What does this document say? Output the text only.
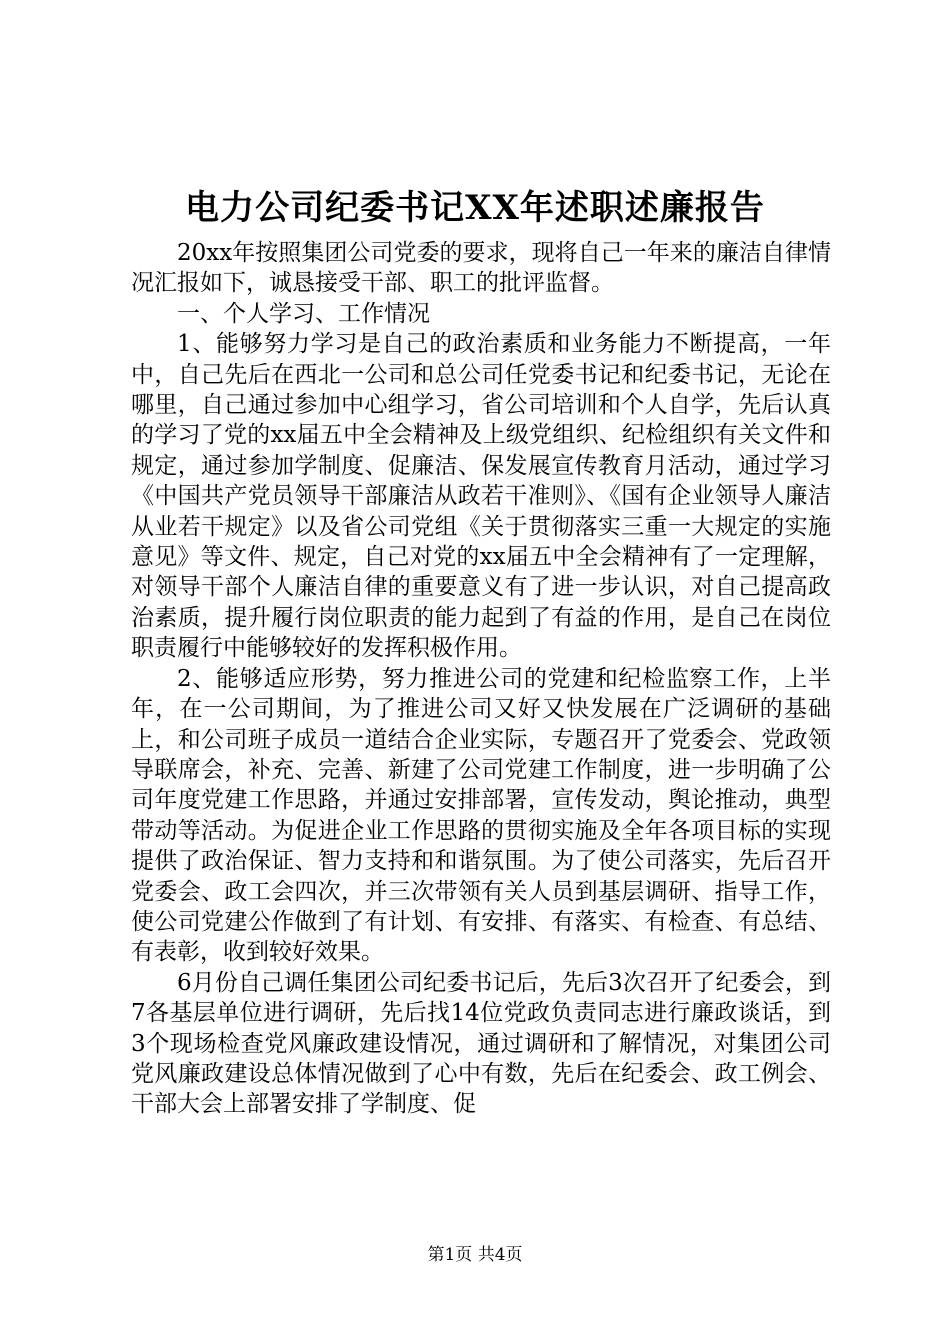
电力公司纪委书记XX年述职述廉报告

20xx年按照集团公司党委的要求，现将自己一年来的廉洁自律情况汇报如下，诚恳接受干部、职工的批评监督。

一、个人学习、工作情况

1、能够努力学习是自己的政治素质和业务能力不断提高，一年中，自己先后在西北一公司和总公司任党委书记和纪委书记，无论在哪里，自己通过参加中心组学习，省公司培训和个人自学，先后认真的学习了党的xx届五中全会精神及上级党组织、纪检组织有关文件和规定，通过参加学制度、促廉洁、保发展宣传教育月活动，通过学习《中国共产党员领导干部廉洁从政若干准则》、《国有企业领导人廉洁从业若干规定》以及省公司党组《关于贯彻落实三重一大规定的实施意见》等文件、规定，自己对党的xx届五中全会精神有了一定理解，对领导干部个人廉洁自律的重要意义有了进一步认识，对自己提高政治素质，提升履行岗位职责的能力起到了有益的作用，是自己在岗位职责履行中能够较好的发挥积极作用。

2、能够适应形势，努力推进公司的党建和纪检监察工作，上半年，在一公司期间，为了推进公司又好又快发展在广泛调研的基础上，和公司班子成员一道结合企业实际，专题召开了党委会、党政领导联席会，补充、完善、新建了公司党建工作制度，进一步明确了公司年度党建工作思路，并通过安排部署，宣传发动，舆论推动，典型带动等活动。为促进企业工作思路的贯彻实施及全年各项目标的实现提供了政治保证、智力支持和和谐氛围。为了使公司落实，先后召开党委会、政工会四次，并三次带领有关人员到基层调研、指导工作，使公司党建公作做到了有计划、有安排、有落实、有检查、有总结、有表彰，收到较好效果。

6月份自己调任集团公司纪委书记后，先后3次召开了纪委会，到7各基层单位进行调研，先后找14位党政负责同志进行廉政谈话，到3个现场检查党风廉政建设情况，通过调研和了解情况，对集团公司党风廉政建设总体情况做到了心中有数，先后在纪委会、政工例会、干部大会上部署安排了学制度、促

第1页 共4页
